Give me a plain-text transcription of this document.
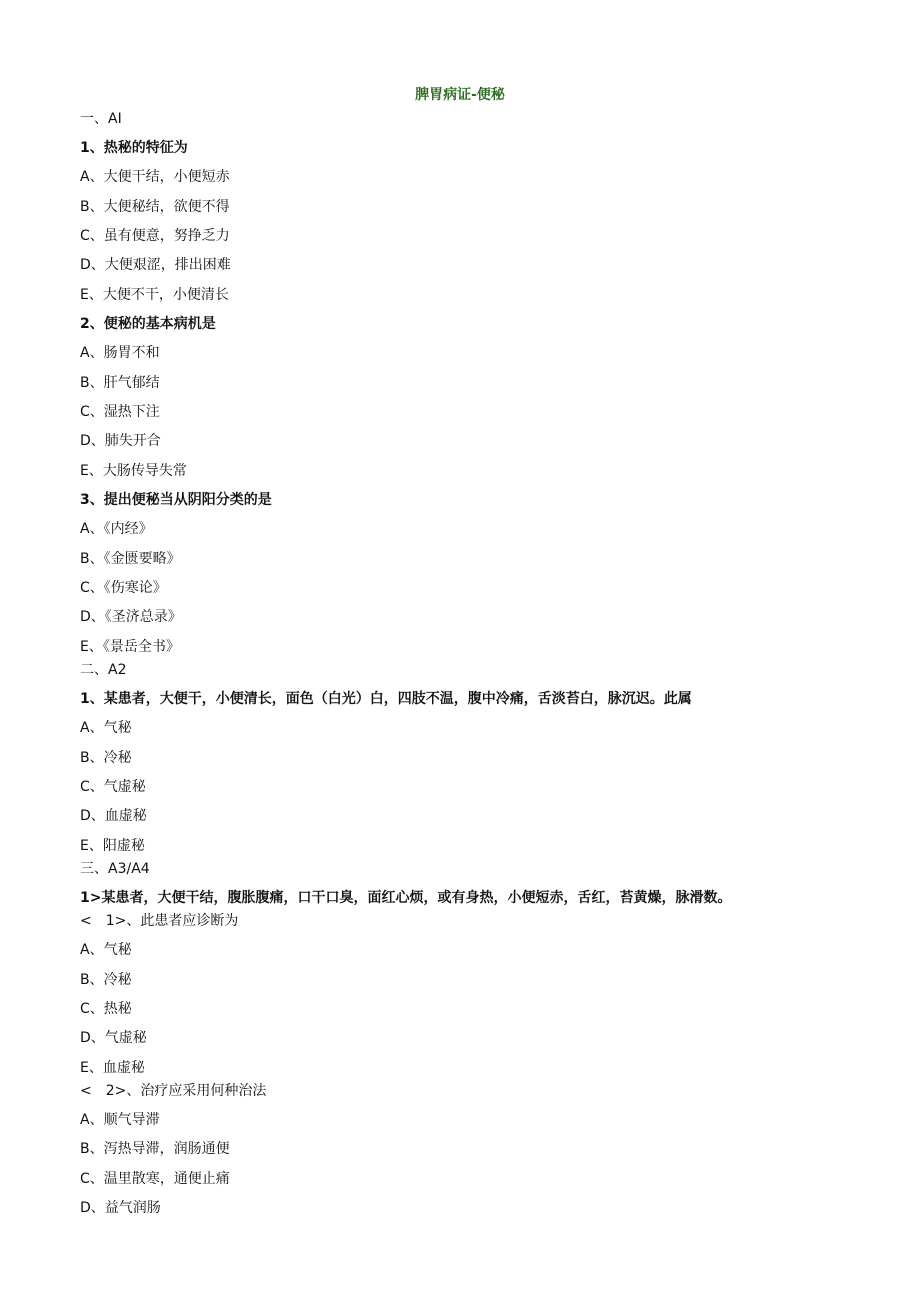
脾胃病证-便秘
一、AI
1、热秘的特征为
A、大便干结，小便短赤
B、大便秘结，欲便不得
C、虽有便意，努挣乏力
D、大便艰涩，排出困难
E、大便不干，小便清长
2、便秘的基本病机是
A、肠胃不和
B、肝气郁结
C、湿热下注
D、肺失开合
E、大肠传导失常
3、提出便秘当从阴阳分类的是
A、《内经》
B、《金匮要略》
C、《伤寒论》
D、《圣济总录》
E、《景岳全书》
二、A2
1、某患者，大便干，小便清长，面色（白光）白，四肢不温，腹中冷痛，舌淡苔白，脉沉迟。此属
A、气秘
B、冷秘
C、气虚秘
D、血虚秘
E、阳虚秘
三、A3/A4
1>某患者，大便干结，腹胀腹痛，口干口臭，面红心烦，或有身热，小便短赤，舌红，苔黄燥，脉滑数。
<　1>、此患者应诊断为
A、气秘
B、冷秘
C、热秘
D、气虚秘
E、血虚秘
<　2>、治疗应采用何种治法
A、顺气导滞
B、泻热导滞，润肠通便
C、温里散寒，通便止痛
D、益气润肠
